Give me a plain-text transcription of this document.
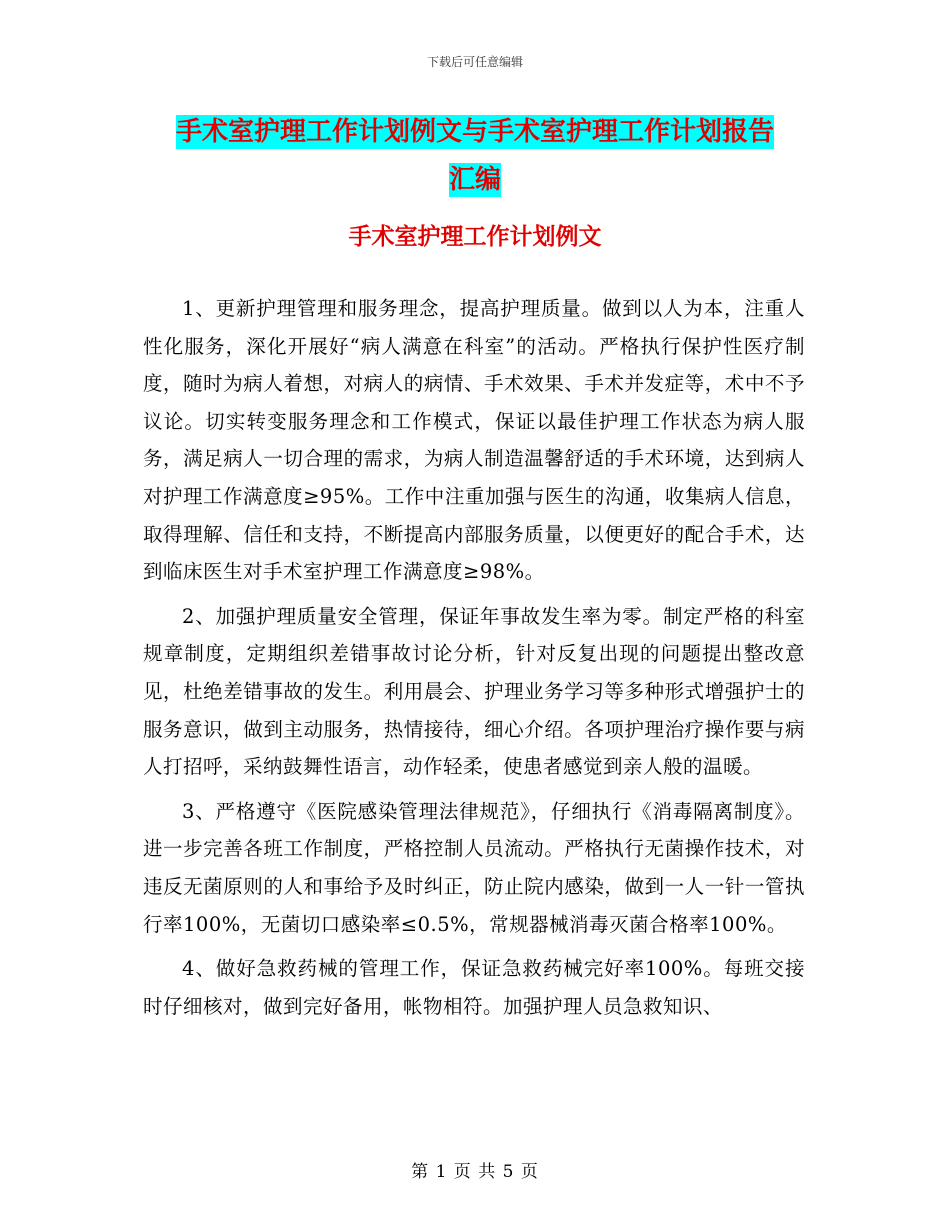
下载后可任意编辑
手术室护理工作计划例文与手术室护理工作计划报告
汇编
手术室护理工作计划例文

1、更新护理管理和服务理念，提高护理质量。做到以人为本，注重人性化服务，深化开展好“病人满意在科室”的活动。严格执行保护性医疗制度，随时为病人着想，对病人的病情、手术效果、手术并发症等，术中不予议论。切实转变服务理念和工作模式，保证以最佳护理工作状态为病人服务，满足病人一切合理的需求，为病人制造温馨舒适的手术环境，达到病人对护理工作满意度≥95%。工作中注重加强与医生的沟通，收集病人信息，取得理解、信任和支持，不断提高内部服务质量，以便更好的配合手术，达到临床医生对手术室护理工作满意度≥98%。

2、加强护理质量安全管理，保证年事故发生率为零。制定严格的科室规章制度，定期组织差错事故讨论分析，针对反复出现的问题提出整改意见，杜绝差错事故的发生。利用晨会、护理业务学习等多种形式增强护士的服务意识，做到主动服务，热情接待，细心介绍。各项护理治疗操作要与病人打招呼，采纳鼓舞性语言，动作轻柔，使患者感觉到亲人般的温暖。

3、严格遵守《医院感染管理法律规范》，仔细执行《消毒隔离制度》。进一步完善各班工作制度，严格控制人员流动。严格执行无菌操作技术，对违反无菌原则的人和事给予及时纠正，防止院内感染，做到一人一针一管执行率100%，无菌切口感染率≤0.5%，常规器械消毒灭菌合格率100%。

4、做好急救药械的管理工作，保证急救药械完好率100%。每班交接时仔细核对，做到完好备用，帐物相符。加强护理人员急救知识、

第 1 页 共 5 页
